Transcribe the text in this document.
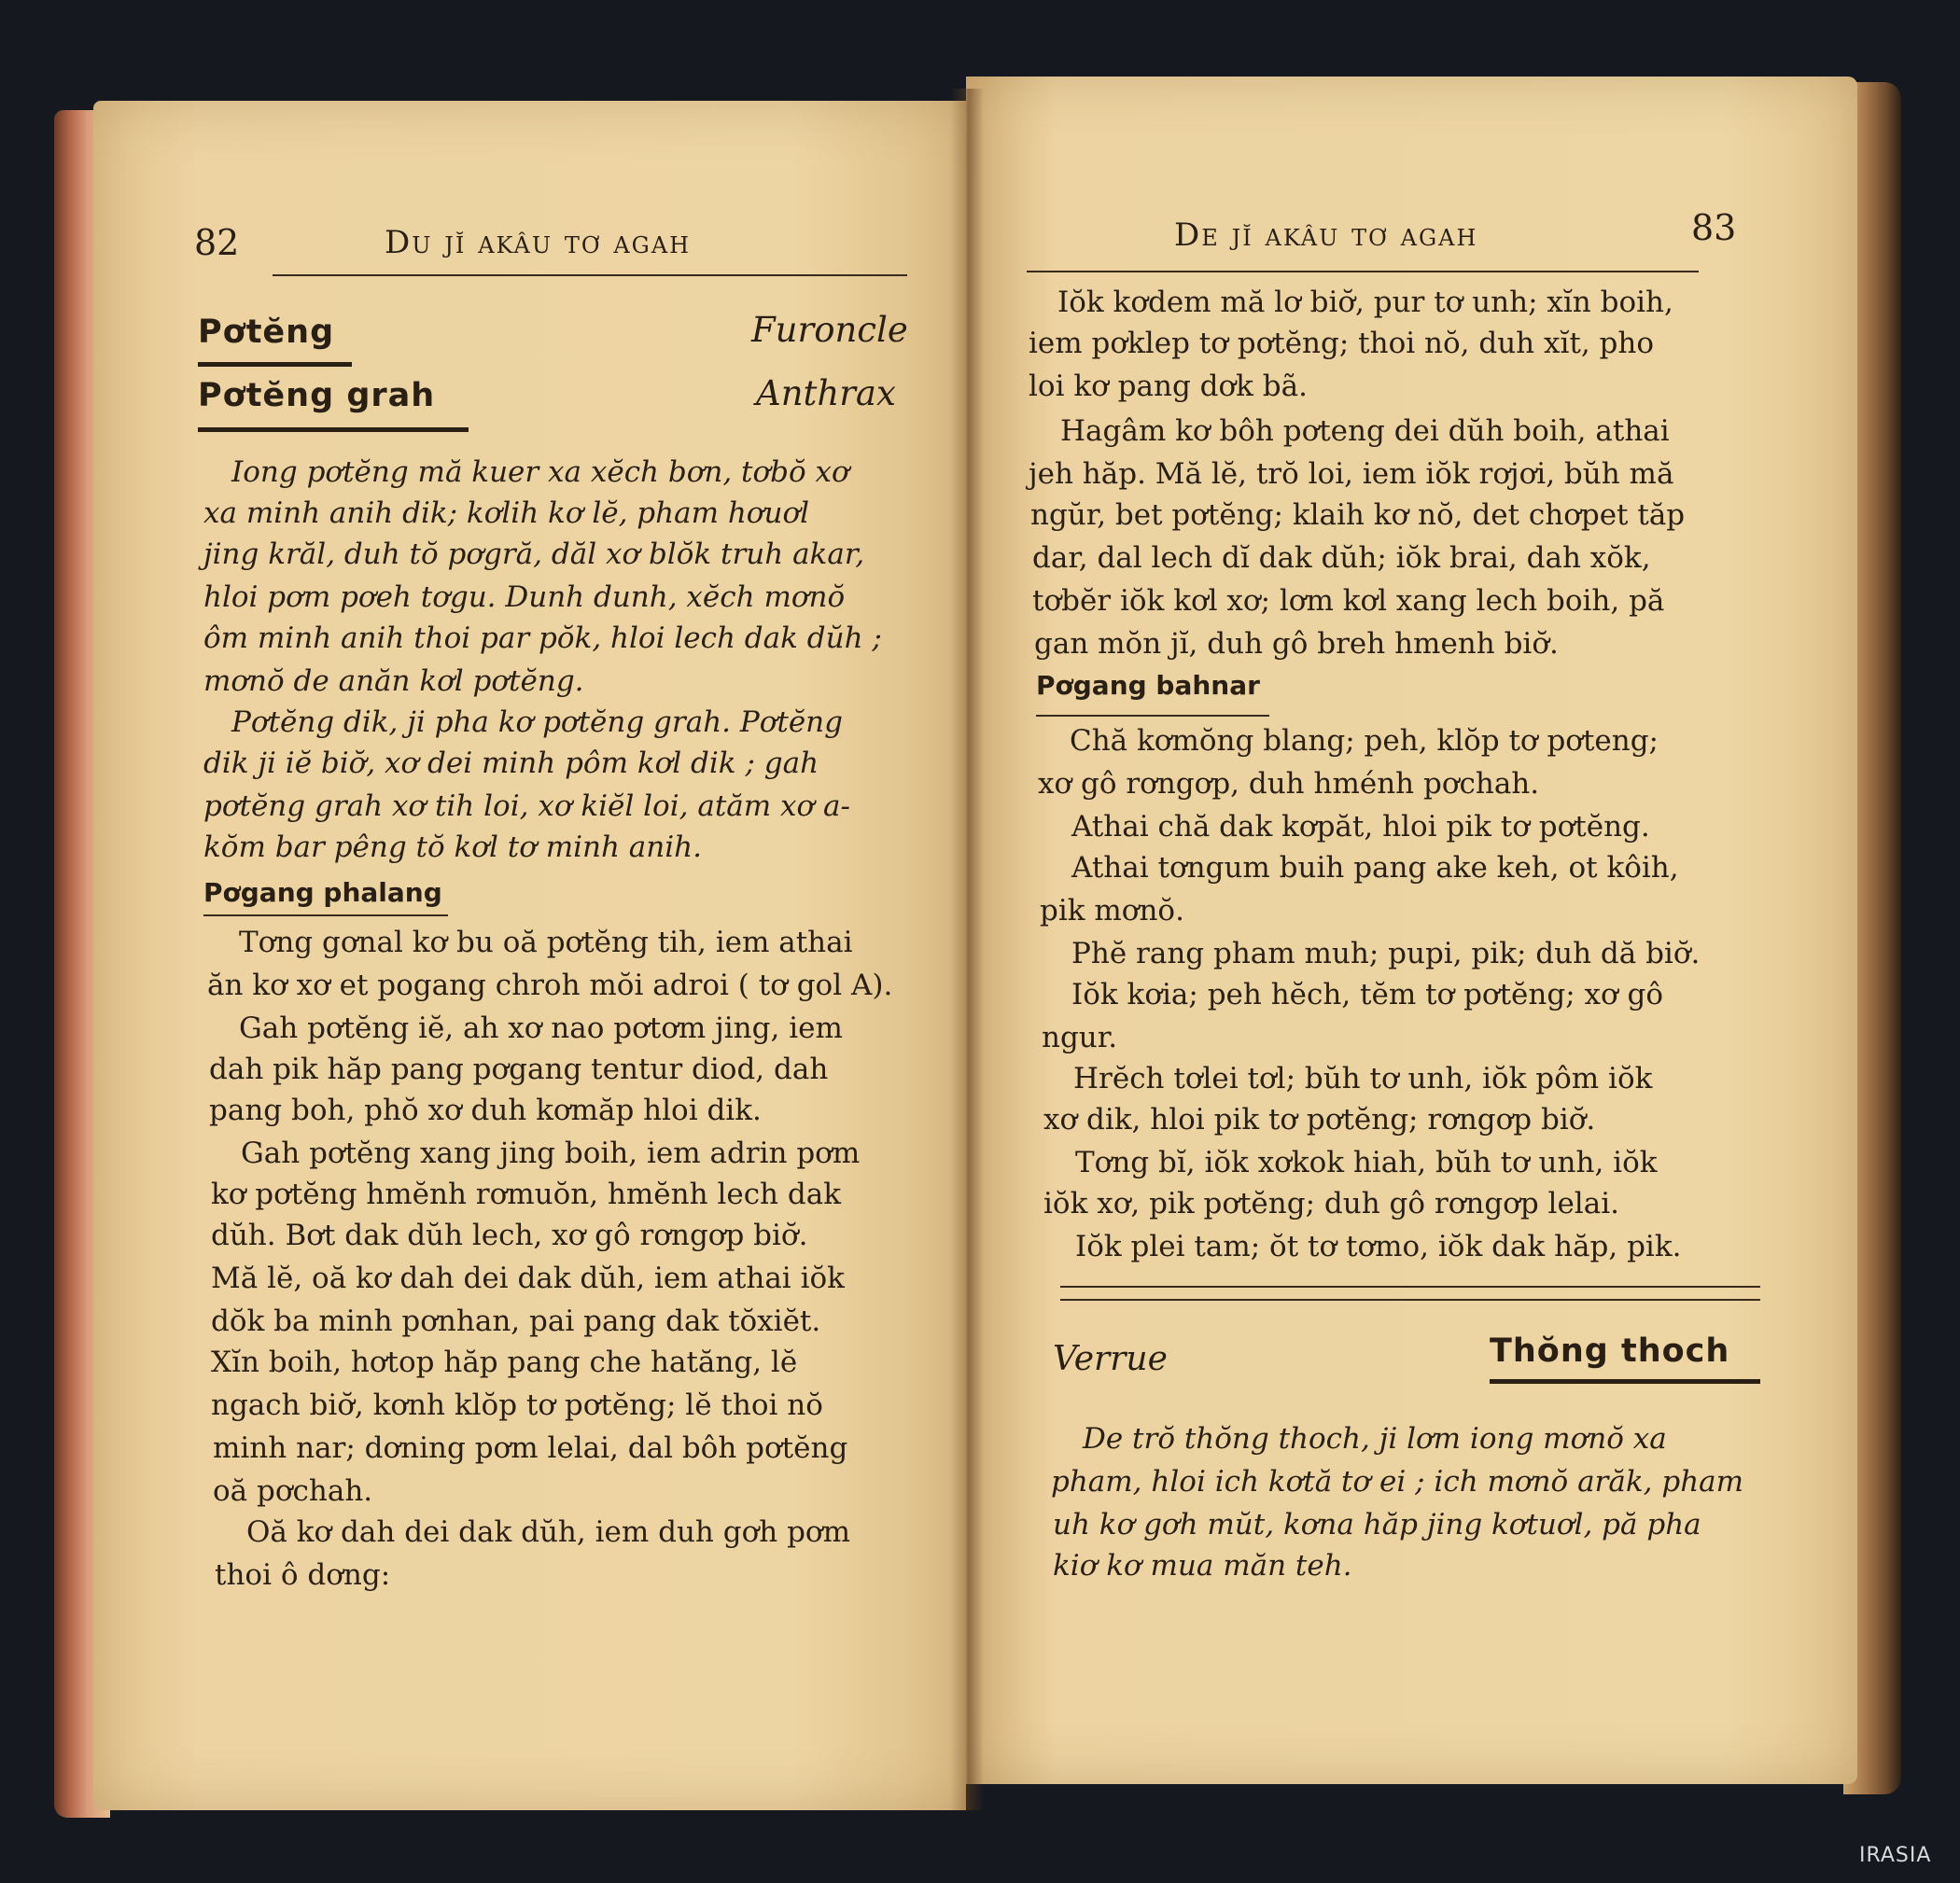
82	Du jĭ akâu tơ agah
Pơtĕng	Furoncle
Pơtĕng grah	Anthrax
Iong pơtĕng mă kuer xa xĕch bơn, tơbŏ xơ
xa minh anih dik; kơlih kơ lĕ, pham hơuơl
jing krăl, duh tŏ pơgră, dăl xơ blŏk truh akar,
hloi pơm pơeh tơgu. Dunh dunh, xĕch mơnŏ
ôm minh anih thoi par pŏk, hloi lech dak dŭh ;
mơnŏ de anăn kơl pơtĕng.
Pơtĕng dik, ji pha kơ pơtĕng grah. Pơtĕng
dik ji iĕ biơ̆, xơ dei minh pôm kơl dik ; gah
pơtĕng grah xơ tih loi, xơ kiĕl loi, atăm xơ a-
kŏm bar pêng tŏ kơl tơ minh anih.
Pơgang phalang
Tơng gơnal kơ bu oă pơtĕng tih, iem athai
ăn kơ xơ et pogang chroh mŏi adroi ( tơ gol A).
Gah pơtĕng iĕ, ah xơ nao pơtơm jing, iem
dah pik hăp pang pơgang tentur diod, dah
pang boh, phŏ xơ duh kơmăp hloi dik.
Gah pơtĕng xang jing boih, iem adrin pơm
kơ pơtĕng hmĕnh rơmuŏn, hmĕnh lech dak
dŭh. Bơt dak dŭh lech, xơ gô rơngơp biơ̆.
Mă lĕ, oă kơ dah dei dak dŭh, iem athai iŏk
dŏk ba minh pơnhan, pai pang dak tŏxiĕt.
Xĭn boih, hơtop hăp pang che hatăng, lĕ
ngach biơ̆, kơnh klŏp tơ pơtĕng; lĕ thoi nŏ
minh nar; dơning pơm lelai, dal bôh pơtĕng
oă pơchah.
Oă kơ dah dei dak dŭh, iem duh gơh pơm
thoi ô dơng:
De jĭ akâu tơ agah	83
Iŏk kơdem mă lơ biơ̆, pur tơ unh; xĭn boih,
iem pơklep tơ pơtĕng; thoi nŏ, duh xĭt, pho
loi kơ pang dơk bã.
Hagâm kơ bôh pơteng dei dŭh boih, athai
jeh hăp. Mă lĕ, trŏ loi, iem iŏk rơjơi, bŭh mă
ngŭr, bet pơtĕng; klaih kơ nŏ, det chơpet tăp
dar, dal lech dĭ dak dŭh; iŏk brai, dah xŏk,
tơbĕr iŏk kơl xơ; lơm kơl xang lech boih, pă
gan mŏn jĭ, duh gô breh hmenh biơ̆.
Pơgang bahnar
Chă kơmŏng blang; peh, klŏp tơ pơteng;
xơ gô rơngơp, duh hménh pơchah.
Athai chă dak kơpăt, hloi pik tơ pơtĕng.
Athai tơngum buih pang ake keh, ot kôih,
pik mơnŏ.
Phĕ rang pham muh; pupi, pik; duh dă biơ̆.
Iŏk kơia; peh hĕch, tĕm tơ pơtĕng; xơ gô
ngur.
Hrĕch tơlei tơl; bŭh tơ unh, iŏk pôm iŏk
xơ dik, hloi pik tơ pơtĕng; rơngơp biơ̆.
Tơng bĭ, iŏk xơkok hiah, bŭh tơ unh, iŏk
iŏk xơ, pik pơtĕng; duh gô rơngơp lelai.
Iŏk plei tam; ŏt tơ tơmo, iŏk dak hăp, pik.
Verrue	Thŏng thoch
De trŏ thŏng thoch, ji lơm iong mơnŏ xa
pham, hloi ich kơtă tơ ei ; ich mơnŏ arăk, pham
uh kơ gơh mŭt, kơna hăp jing kơtuơl, pă pha
kiơ kơ mua măn teh.
IRASIA
